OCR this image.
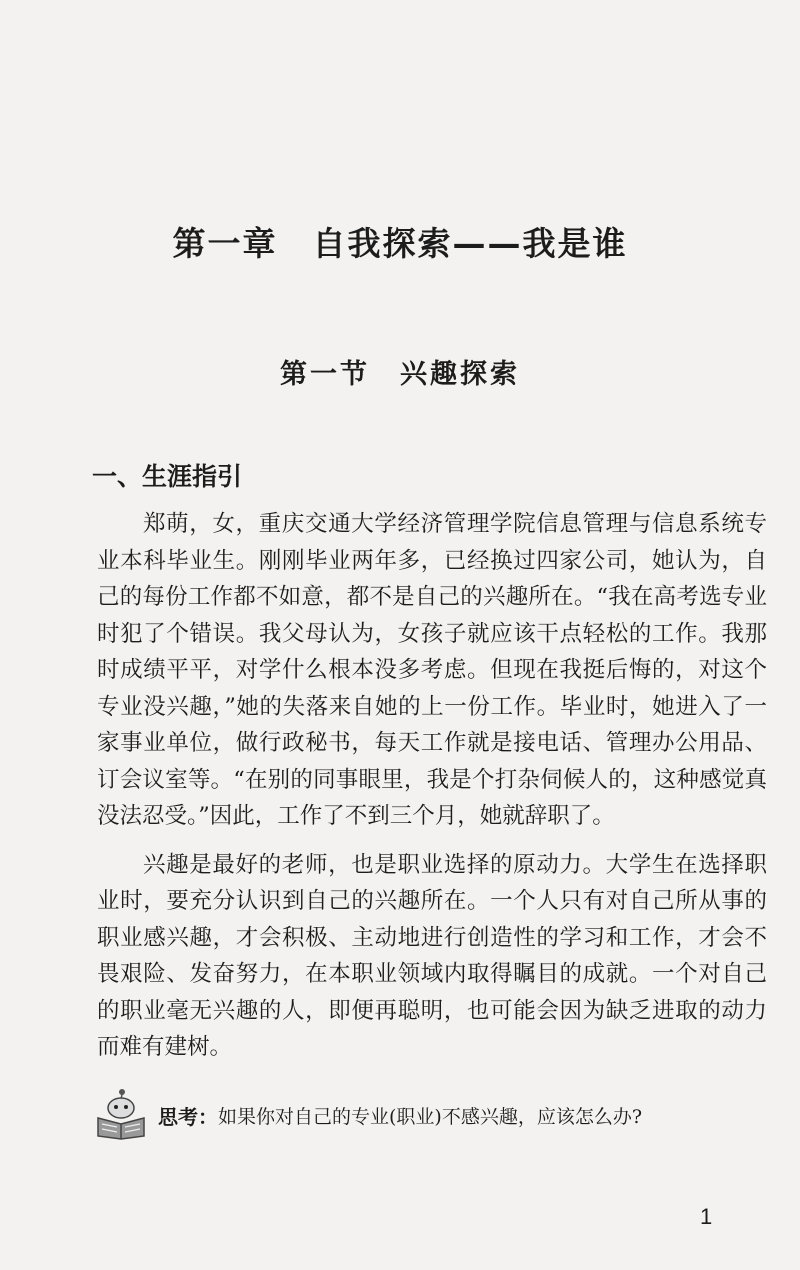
第一章　自我探索——我是谁
第一节　兴趣探索
一、生涯指引
郑萌，女，重庆交通大学经济管理学院信息管理与信息系统专业本科毕业生。刚刚毕业两年多，已经换过四家公司，她认为，自己的每份工作都不如意，都不是自己的兴趣所在。“我在高考选专业时犯了个错误。我父母认为，女孩子就应该干点轻松的工作。我那时成绩平平，对学什么根本没多考虑。但现在我挺后悔的，对这个专业没兴趣，”她的失落来自她的上一份工作。毕业时，她进入了一家事业单位，做行政秘书，每天工作就是接电话、管理办公用品、订会议室等。“在别的同事眼里，我是个打杂伺候人的，这种感觉真没法忍受。”因此，工作了不到三个月，她就辞职了。
兴趣是最好的老师，也是职业选择的原动力。大学生在选择职业时，要充分认识到自己的兴趣所在。一个人只有对自己所从事的职业感兴趣，才会积极、主动地进行创造性的学习和工作，才会不畏艰险、发奋努力，在本职业领域内取得瞩目的成就。一个对自己的职业毫无兴趣的人，即便再聪明，也可能会因为缺乏进取的动力而难有建树。
思考： 如果你对自己的专业(职业)不感兴趣，应该怎么办?
1
